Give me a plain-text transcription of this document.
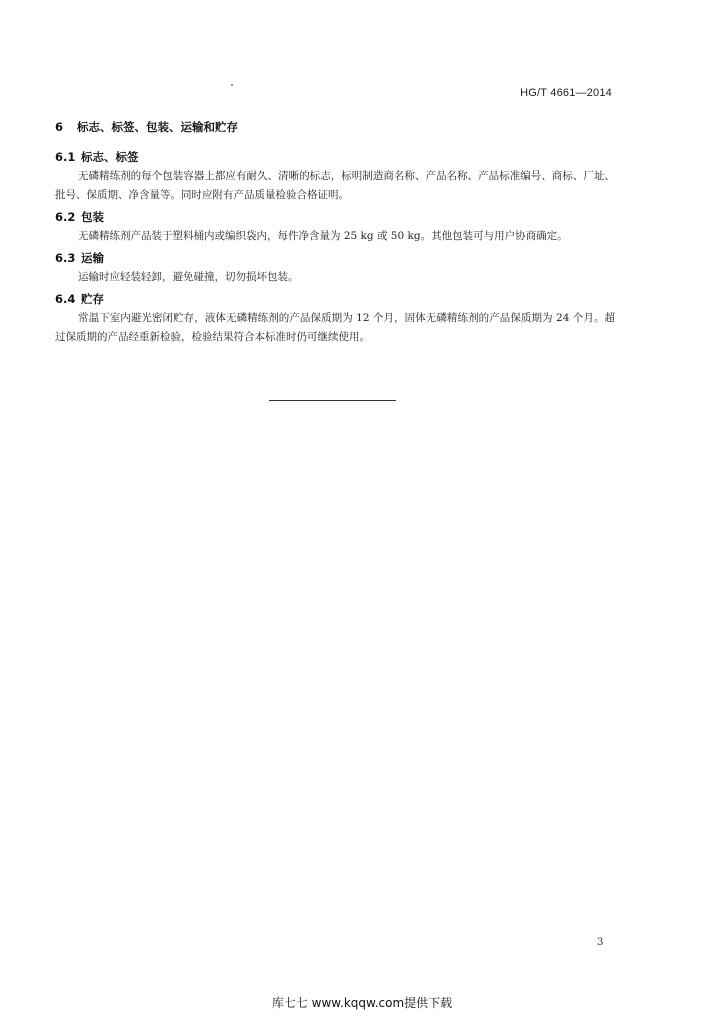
HG/T 4661—2014
6 标志、标签、包装、运输和贮存
6.1 标志、标签

无磷精练剂的每个包装容器上都应有耐久、清晰的标志，标明制造商名称、产品名称、产品标准编号、商标、厂址、批号、保质期、净含量等。同时应附有产品质量检验合格证明。

6.2 包装

无磷精练剂产品装于塑料桶内或编织袋内，每件净含量为 25 kg 或 50 kg。其他包装可与用户协商确定。

6.3 运输

运输时应轻装轻卸，避免碰撞，切勿损坏包装。

6.4 贮存

常温下室内避光密闭贮存，液体无磷精练剂的产品保质期为 12 个月，固体无磷精练剂的产品保质期为 24 个月。超过保质期的产品经重新检验，检验结果符合本标准时仍可继续使用。

3
库七七 www.kqqw.com提供下载
